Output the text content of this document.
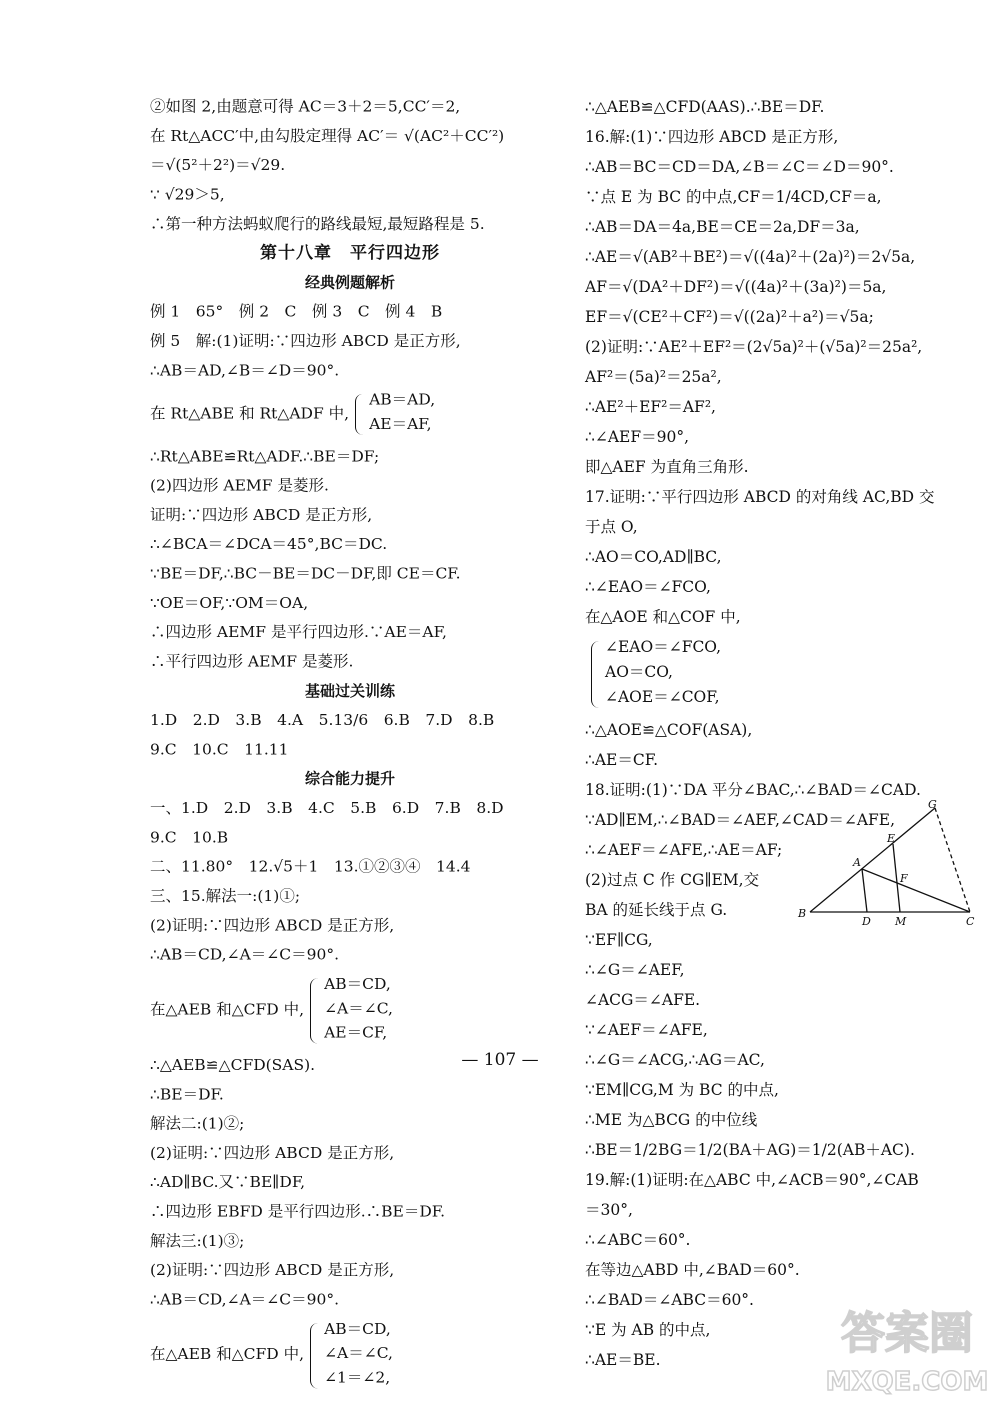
②如图 2,由题意可得 AC＝3＋2＝5,CC′＝2,
在 Rt△ACC′中,由勾股定理得 AC′＝ √(AC²＋CC′²)
＝√(5²＋2²)＝√29.
∵ √29＞5,
∴第一种方法蚂蚁爬行的路线最短,最短路程是 5.
第十八章　平行四边形
经典例题解析
例 1　65°　例 2　C　例 3　C　例 4　B
例 5　解:(1)证明:∵四边形 ABCD 是正方形,
∴AB＝AD,∠B＝∠D＝90°.
在 Rt△ABE 和 Rt△ADF 中,
AB＝AD,
AE＝AF,
∴Rt△ABE≌Rt△ADF.∴BE＝DF;
(2)四边形 AEMF 是菱形.
证明:∵四边形 ABCD 是正方形,
∴∠BCA＝∠DCA＝45°,BC＝DC.
∵BE＝DF,∴BC－BE＝DC－DF,即 CE＝CF.
∵OE＝OF,∵OM＝OA,
∴四边形 AEMF 是平行四边形.∵AE＝AF,
∴平行四边形 AEMF 是菱形.
基础过关训练
1.D　2.D　3.B　4.A　5.13/6　6.B　7.D　8.B
9.C　10.C　11.11
综合能力提升
一、1.D　2.D　3.B　4.C　5.B　6.D　7.B　8.D
9.C　10.B
二、11.80°　12.√5＋1　13.①②③④　14.4
三、15.解法一:(1)①;
(2)证明:∵四边形 ABCD 是正方形,
∴AB＝CD,∠A＝∠C＝90°.
在△AEB 和△CFD 中,
AB＝CD,
∠A＝∠C,
AE＝CF,
∴△AEB≌△CFD(SAS).
∴BE＝DF.
解法二:(1)②;
(2)证明:∵四边形 ABCD 是正方形,
∴AD∥BC.又∵BE∥DF,
∴四边形 EBFD 是平行四边形.∴BE＝DF.
解法三:(1)③;
(2)证明:∵四边形 ABCD 是正方形,
∴AB＝CD,∠A＝∠C＝90°.
在△AEB 和△CFD 中,
AB＝CD,
∠A＝∠C,
∠1＝∠2,
∴△AEB≌△CFD(AAS).∴BE＝DF.
16.解:(1)∵四边形 ABCD 是正方形,
∴AB＝BC＝CD＝DA,∠B＝∠C＝∠D＝90°.
∵点 E 为 BC 的中点,CF＝1/4CD,CF＝a,
∴AB＝DA＝4a,BE＝CE＝2a,DF＝3a,
∴AE＝√(AB²＋BE²)＝√((4a)²＋(2a)²)＝2√5a,
AF＝√(DA²＋DF²)＝√((4a)²＋(3a)²)＝5a,
EF＝√(CE²＋CF²)＝√((2a)²＋a²)＝√5a;
(2)证明:∵AE²＋EF²＝(2√5a)²＋(√5a)²＝25a²,
AF²＝(5a)²＝25a²,
∴AE²＋EF²＝AF²,
∴∠AEF＝90°,
即△AEF 为直角三角形.
17.证明:∵平行四边形 ABCD 的对角线 AC,BD 交
于点 O,
∴AO＝CO,AD∥BC,
∴∠EAO＝∠FCO,
在△AOE 和△COF 中,
∠EAO＝∠FCO,
AO＝CO,
∠AOE＝∠COF,
∴△AOE≌△COF(ASA),
∴AE＝CF.
18.证明:(1)∵DA 平分∠BAC,∴∠BAD＝∠CAD.
∵AD∥EM,∴∠BAD＝∠AEF,∠CAD＝∠AFE,
∴∠AEF＝∠AFE,∴AE＝AF;
(2)过点 C 作 CG∥EM,交
BA 的延长线于点 G.
∵EF∥CG,
∴∠G＝∠AEF,
∠ACG＝∠AFE.
∵∠AEF＝∠AFE,
∴∠G＝∠ACG,∴AG＝AC,
∵EM∥CG,M 为 BC 的中点,
∴ME 为△BCG 的中位线
∴BE＝1/2BG＝1/2(BA＋AG)＝1/2(AB＋AC).
19.解:(1)证明:在△ABC 中,∠ACB＝90°,∠CAB
＝30°,
∴∠ABC＝60°.
在等边△ABD 中,∠BAD＝60°.
∴∠BAD＝∠ABC＝60°.
∵E 为 AB 的中点,
∴AE＝BE.
G
E
A
F
B
D M	C
— 107 —
答案圈
MXQE.COM
